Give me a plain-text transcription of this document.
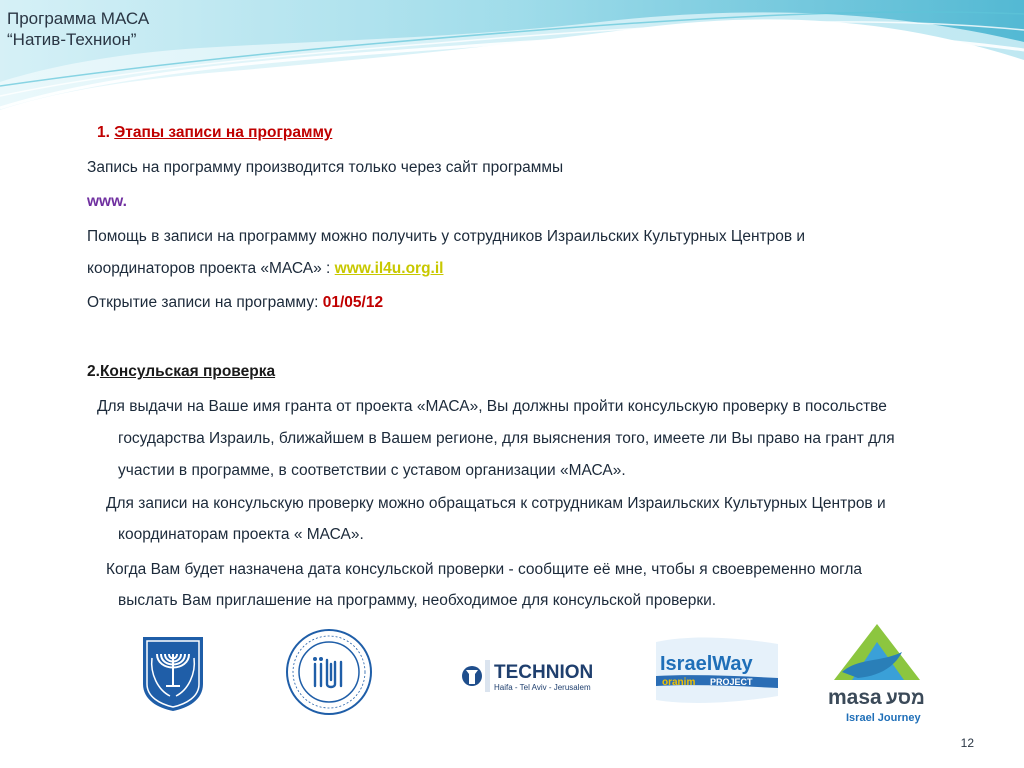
Программа МАСА
“Натив-Технион”
1. Этапы записи на программу
Запись на программу производится только через сайт программы
www.
Помощь в записи на программу можно получить у сотрудников Израильских Культурных Центров и
координаторов проекта «МАСА» : www.il4u.org.il
Открытие записи на программу: 01/05/12
2.Консульская проверка
Для выдачи на Ваше имя гранта от проекта «МАСА», Вы должны пройти консульскую проверку в посольстве
государства Израиль, ближайшем в Вашем регионе, для выяснения того, имеете ли Вы право на грант для
участии в программе, в соответствии с уставом организации «МАСА».
Для записи на консульскую проверку можно обращаться к сотрудникам Израильских Культурных Центров и
координаторам проекта « МАСА».
Когда Вам будет назначена дата консульской проверки - сообщите её мне, чтобы я своевременно могла
выслать Вам приглашение на программу, необходимое для консульской проверки.
TECHNION
Haifa - Tel Aviv - Jerusalem
IsraelWay
oranim PROJECT
masa מסע
Israel Journey
12
